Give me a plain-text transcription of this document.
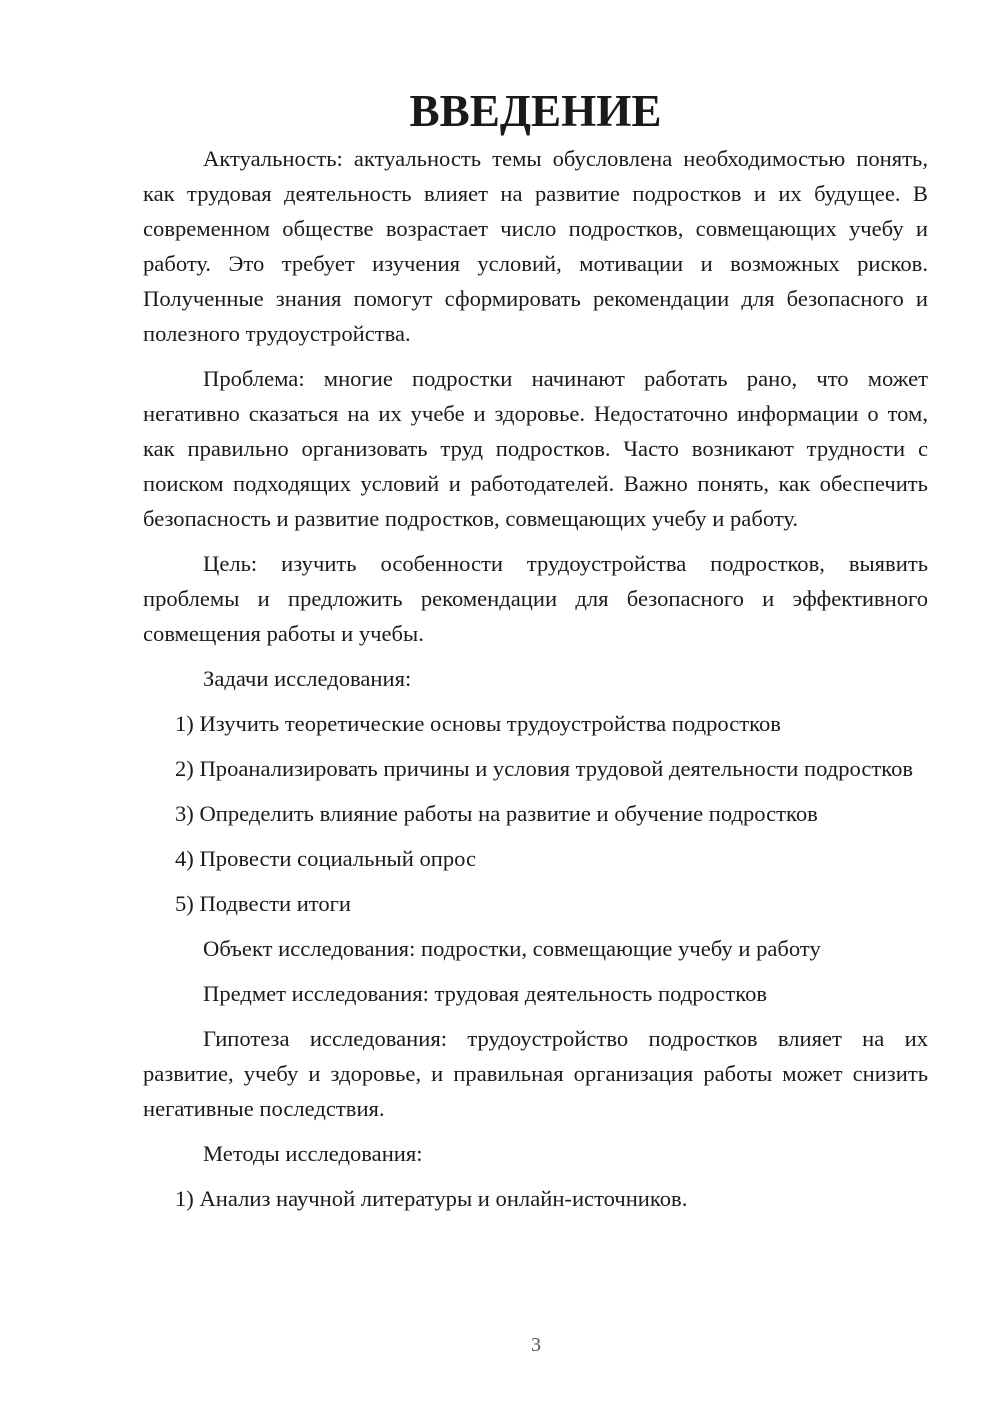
ВВЕДЕНИЕ

Актуальность: актуальность темы обусловлена необходимостью понять, как трудовая деятельность влияет на развитие подростков и их будущее. В современном обществе возрастает число подростков, совмещающих учебу и работу. Это требует изучения условий, мотивации и возможных рисков. Полученные знания помогут сформировать рекомендации для безопасного и полезного трудоустройства.

Проблема: многие подростки начинают работать рано, что может негативно сказаться на их учебе и здоровье. Недостаточно информации о том, как правильно организовать труд подростков. Часто возникают трудности с поиском подходящих условий и работодателей. Важно понять, как обеспечить безопасность и развитие подростков, совмещающих учебу и работу.

Цель: изучить особенности трудоустройства подростков, выявить проблемы и предложить рекомендации для безопасного и эффективного совмещения работы и учебы.

Задачи исследования:

1) Изучить теоретические основы трудоустройства подростков

2) Проанализировать причины и условия трудовой деятельности подростков

3) Определить влияние работы на развитие и обучение подростков

4) Провести социальный опрос

5) Подвести итоги

Объект исследования: подростки, совмещающие учебу и работу

Предмет исследования: трудовая деятельность подростков

Гипотеза исследования: трудоустройство подростков влияет на их развитие, учебу и здоровье, и правильная организация работы может снизить негативные последствия.

Методы исследования:

1) Анализ научной литературы и онлайн-источников.

3
